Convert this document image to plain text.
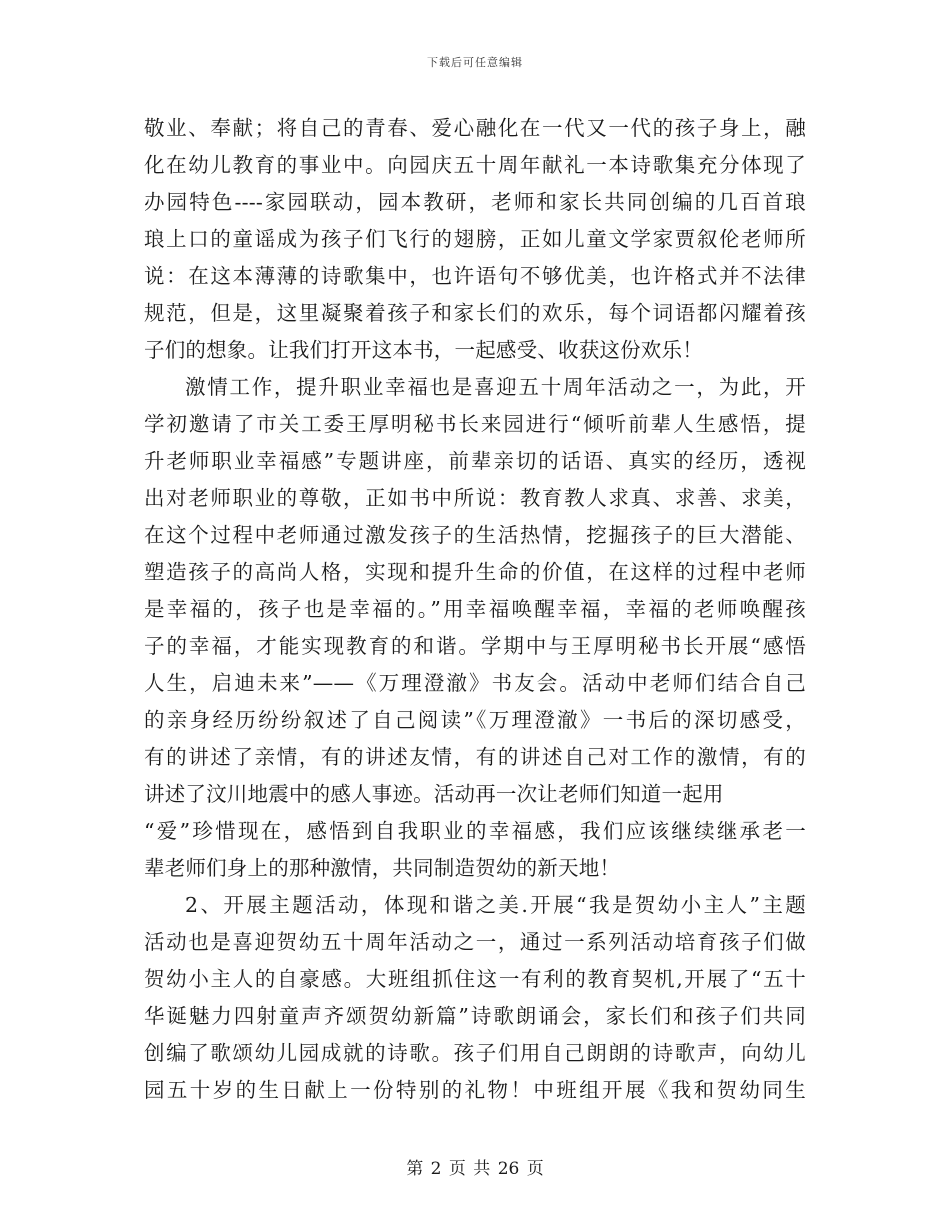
下载后可任意编辑
敬业、奉献；将自己的青春、爱心融化在一代又一代的孩子身上，融
化在幼儿教育的事业中。向园庆五十周年献礼一本诗歌集充分体现了
办园特色----家园联动，园本教研，老师和家长共同创编的几百首琅
琅上口的童谣成为孩子们飞行的翅膀，正如儿童文学家贾叙伦老师所
说：在这本薄薄的诗歌集中，也许语句不够优美，也许格式并不法律
规范，但是，这里凝聚着孩子和家长们的欢乐，每个词语都闪耀着孩
子们的想象。让我们打开这本书，一起感受、收获这份欢乐！
激情工作，提升职业幸福也是喜迎五十周年活动之一，为此，开
学初邀请了市关工委王厚明秘书长来园进行“倾听前辈人生感悟，提
升老师职业幸福感”专题讲座，前辈亲切的话语、真实的经历，透视
出对老师职业的尊敬，正如书中所说：教育教人求真、求善、求美，
在这个过程中老师通过激发孩子的生活热情，挖掘孩子的巨大潜能、
塑造孩子的高尚人格，实现和提升生命的价值，在这样的过程中老师
是幸福的，孩子也是幸福的。”用幸福唤醒幸福，幸福的老师唤醒孩
子的幸福，才能实现教育的和谐。学期中与王厚明秘书长开展“感悟
人生，启迪未来”——《万理澄澈》书友会。活动中老师们结合自己
的亲身经历纷纷叙述了自己阅读”《万理澄澈》一书后的深切感受，
有的讲述了亲情，有的讲述友情，有的讲述自己对工作的激情，有的
讲述了汶川地震中的感人事迹。活动再一次让老师们知道一起用
“爱”珍惜现在，感悟到自我职业的幸福感，我们应该继续继承老一
辈老师们身上的那种激情，共同制造贺幼的新天地！
2、开展主题活动，体现和谐之美.开展“我是贺幼小主人”主题
活动也是喜迎贺幼五十周年活动之一，通过一系列活动培育孩子们做
贺幼小主人的自豪感。大班组抓住这一有利的教育契机,开展了“五十
华诞魅力四射童声齐颂贺幼新篇”诗歌朗诵会，家长们和孩子们共同
创编了歌颂幼儿园成就的诗歌。孩子们用自己朗朗的诗歌声，向幼儿
园五十岁的生日献上一份特别的礼物！中班组开展《我和贺幼同生
第 2 页 共 26 页
